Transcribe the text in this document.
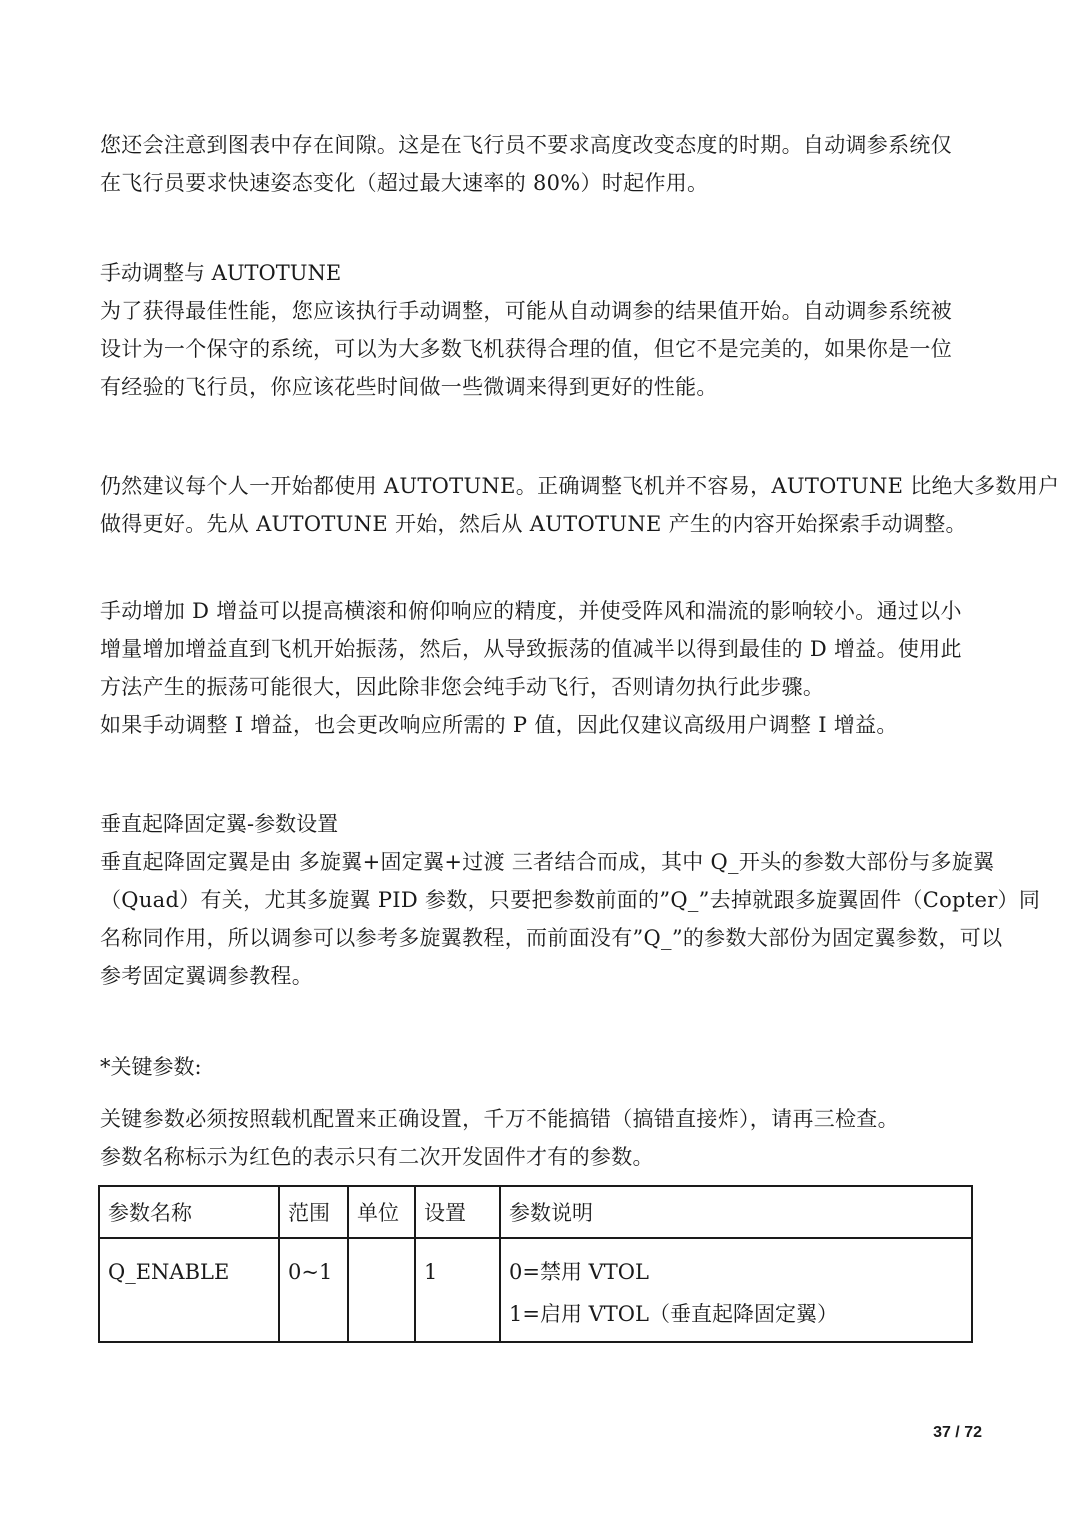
您还会注意到图表中存在间隙。这是在飞行员不要求高度改变态度的时期。自动调参系统仅
在飞行员要求快速姿态变化（超过最大速率的 80%）时起作用。
手动调整与 AUTOTUNE
为了获得最佳性能，您应该执行手动调整，可能从自动调参的结果值开始。自动调参系统被
设计为一个保守的系统，可以为大多数飞机获得合理的值，但它不是完美的，如果你是一位
有经验的飞行员，你应该花些时间做一些微调来得到更好的性能。
仍然建议每个人一开始都使用 AUTOTUNE。正确调整飞机并不容易，AUTOTUNE 比绝大多数用户
做得更好。先从 AUTOTUNE 开始，然后从 AUTOTUNE 产生的内容开始探索手动调整。
手动增加 D 增益可以提高横滚和俯仰响应的精度，并使受阵风和湍流的影响较小。通过以小
增量增加增益直到飞机开始振荡，然后，从导致振荡的值减半以得到最佳的 D 增益。使用此
方法产生的振荡可能很大，因此除非您会纯手动飞行，否则请勿执行此步骤。
如果手动调整 I 增益，也会更改响应所需的 P 值，因此仅建议高级用户调整 I 增益。
垂直起降固定翼-参数设置
垂直起降固定翼是由 多旋翼+固定翼+过渡 三者结合而成，其中 Q_开头的参数大部份与多旋翼
（Quad）有关，尤其多旋翼 PID 参数，只要把参数前面的”Q_”去掉就跟多旋翼固件（Copter）同
名称同作用，所以调参可以参考多旋翼教程，而前面没有”Q_”的参数大部份为固定翼参数，可以
参考固定翼调参教程。
*关键参数:
关键参数必须按照载机配置来正确设置，千万不能搞错（搞错直接炸），请再三检查。
参数名称标示为红色的表示只有二次开发固件才有的参数。
参数名称	范围	单位	设置	参数说明
Q_ENABLE	0~1		1	0=禁用 VTOL
1=启用 VTOL（垂直起降固定翼）
37 / 72
